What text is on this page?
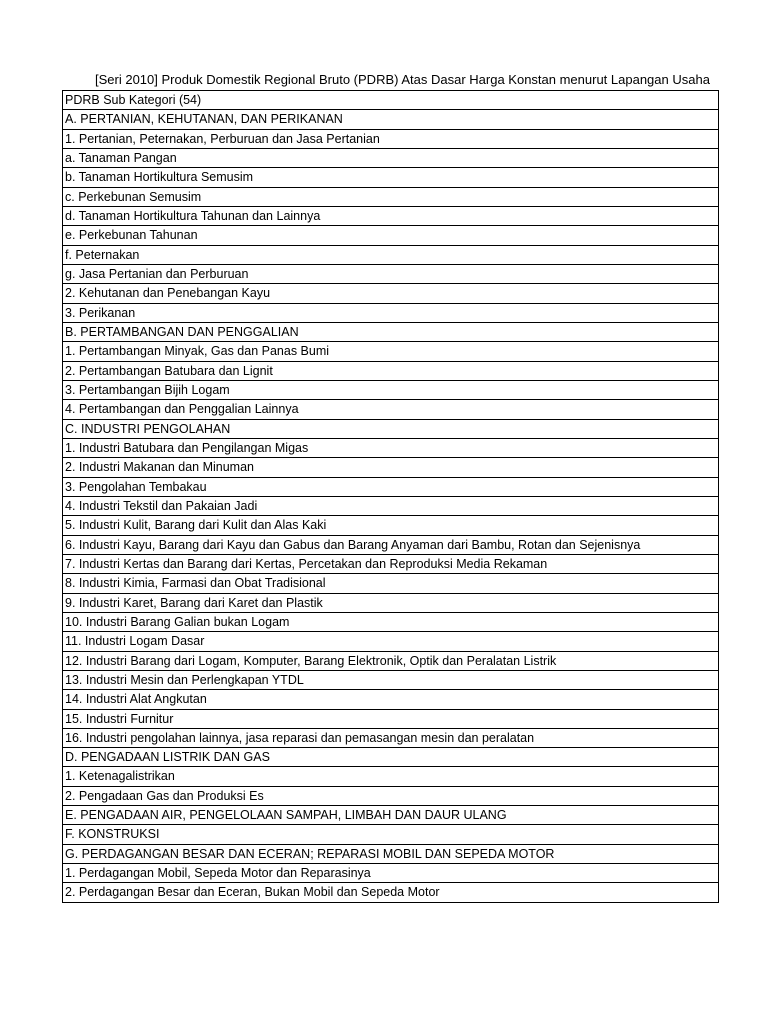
[Seri 2010] Produk Domestik Regional Bruto (PDRB) Atas Dasar Harga Konstan menurut Lapangan Usaha
PDRB Sub Kategori (54)
A. PERTANIAN, KEHUTANAN, DAN PERIKANAN
1. Pertanian, Peternakan, Perburuan dan Jasa Pertanian
a. Tanaman Pangan
b. Tanaman Hortikultura Semusim
c. Perkebunan Semusim
d. Tanaman Hortikultura Tahunan dan Lainnya
e. Perkebunan Tahunan
f. Peternakan
g. Jasa Pertanian dan Perburuan
2. Kehutanan dan Penebangan Kayu
3. Perikanan
B. PERTAMBANGAN DAN PENGGALIAN
1. Pertambangan Minyak, Gas dan Panas Bumi
2. Pertambangan Batubara dan Lignit
3. Pertambangan Bijih Logam
4. Pertambangan dan Penggalian Lainnya
C. INDUSTRI PENGOLAHAN
1. Industri Batubara dan Pengilangan Migas
2. Industri Makanan dan Minuman
3. Pengolahan Tembakau
4. Industri Tekstil dan Pakaian Jadi
5. Industri Kulit, Barang dari Kulit dan Alas Kaki
6. Industri Kayu, Barang dari Kayu dan Gabus dan Barang Anyaman dari Bambu, Rotan dan Sejenisnya
7. Industri Kertas dan Barang dari Kertas, Percetakan dan Reproduksi Media Rekaman
8. Industri Kimia, Farmasi dan Obat Tradisional
9. Industri Karet, Barang dari Karet dan Plastik
10. Industri Barang Galian bukan Logam
11. Industri Logam Dasar
12. Industri Barang dari Logam, Komputer, Barang Elektronik, Optik dan Peralatan Listrik
13. Industri Mesin dan Perlengkapan YTDL
14. Industri Alat Angkutan
15. Industri Furnitur
16. Industri pengolahan lainnya, jasa reparasi dan pemasangan mesin dan peralatan
D. PENGADAAN LISTRIK DAN GAS
1. Ketenagalistrikan
2. Pengadaan Gas dan Produksi Es
E. PENGADAAN AIR, PENGELOLAAN SAMPAH, LIMBAH DAN DAUR ULANG
F. KONSTRUKSI
G. PERDAGANGAN BESAR DAN ECERAN; REPARASI MOBIL DAN SEPEDA MOTOR
1. Perdagangan Mobil, Sepeda Motor dan Reparasinya
2. Perdagangan Besar dan Eceran, Bukan Mobil dan Sepeda Motor
